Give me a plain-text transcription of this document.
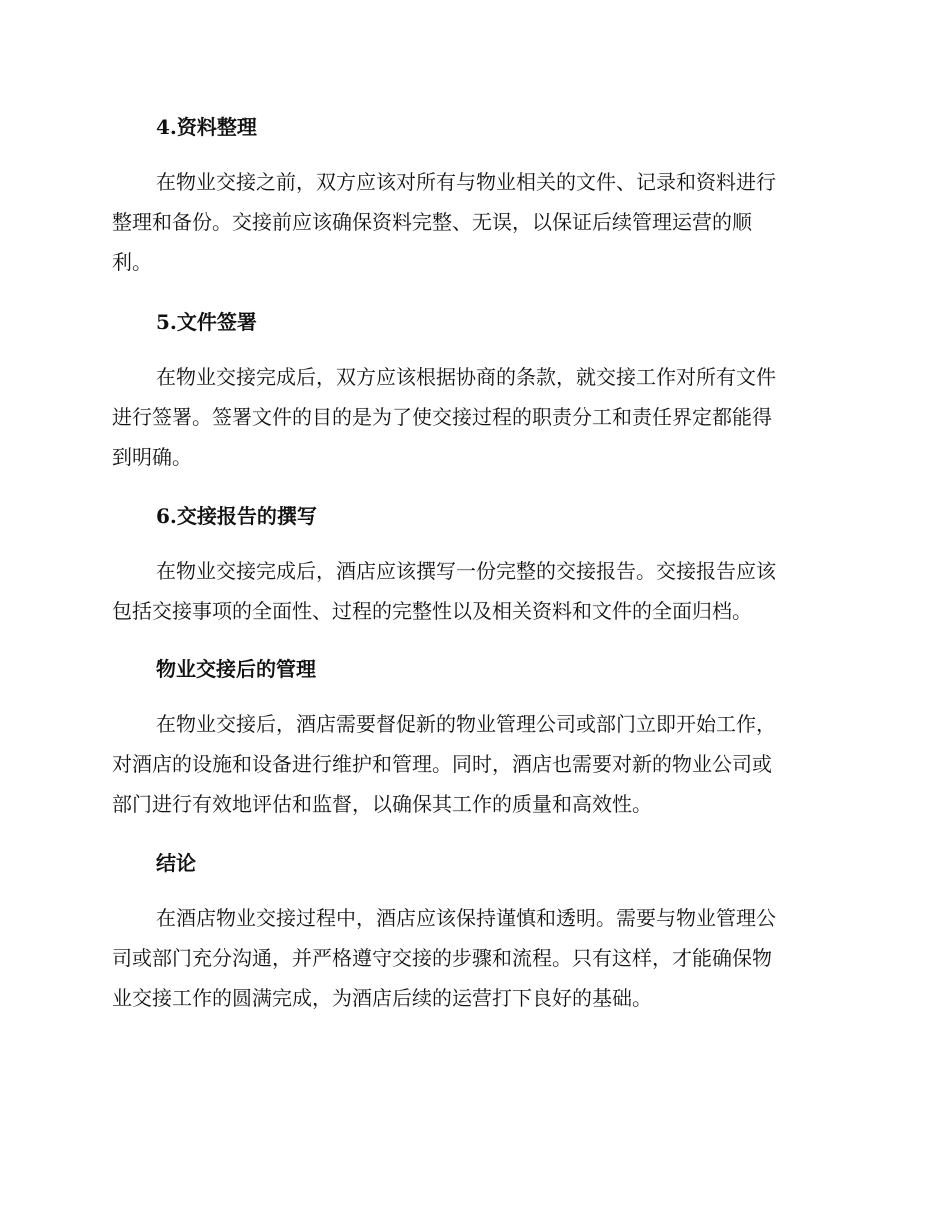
4.资料整理
在物业交接之前，双方应该对所有与物业相关的文件、记录和资料进行
整理和备份。交接前应该确保资料完整、无误，以保证后续管理运营的顺
利。
5.文件签署
在物业交接完成后，双方应该根据协商的条款，就交接工作对所有文件
进行签署。签署文件的目的是为了使交接过程的职责分工和责任界定都能得
到明确。
6.交接报告的撰写
在物业交接完成后，酒店应该撰写一份完整的交接报告。交接报告应该
包括交接事项的全面性、过程的完整性以及相关资料和文件的全面归档。
物业交接后的管理
在物业交接后，酒店需要督促新的物业管理公司或部门立即开始工作，
对酒店的设施和设备进行维护和管理。同时，酒店也需要对新的物业公司或
部门进行有效地评估和监督，以确保其工作的质量和高效性。
结论
在酒店物业交接过程中，酒店应该保持谨慎和透明。需要与物业管理公
司或部门充分沟通，并严格遵守交接的步骤和流程。只有这样，才能确保物
业交接工作的圆满完成，为酒店后续的运营打下良好的基础。
